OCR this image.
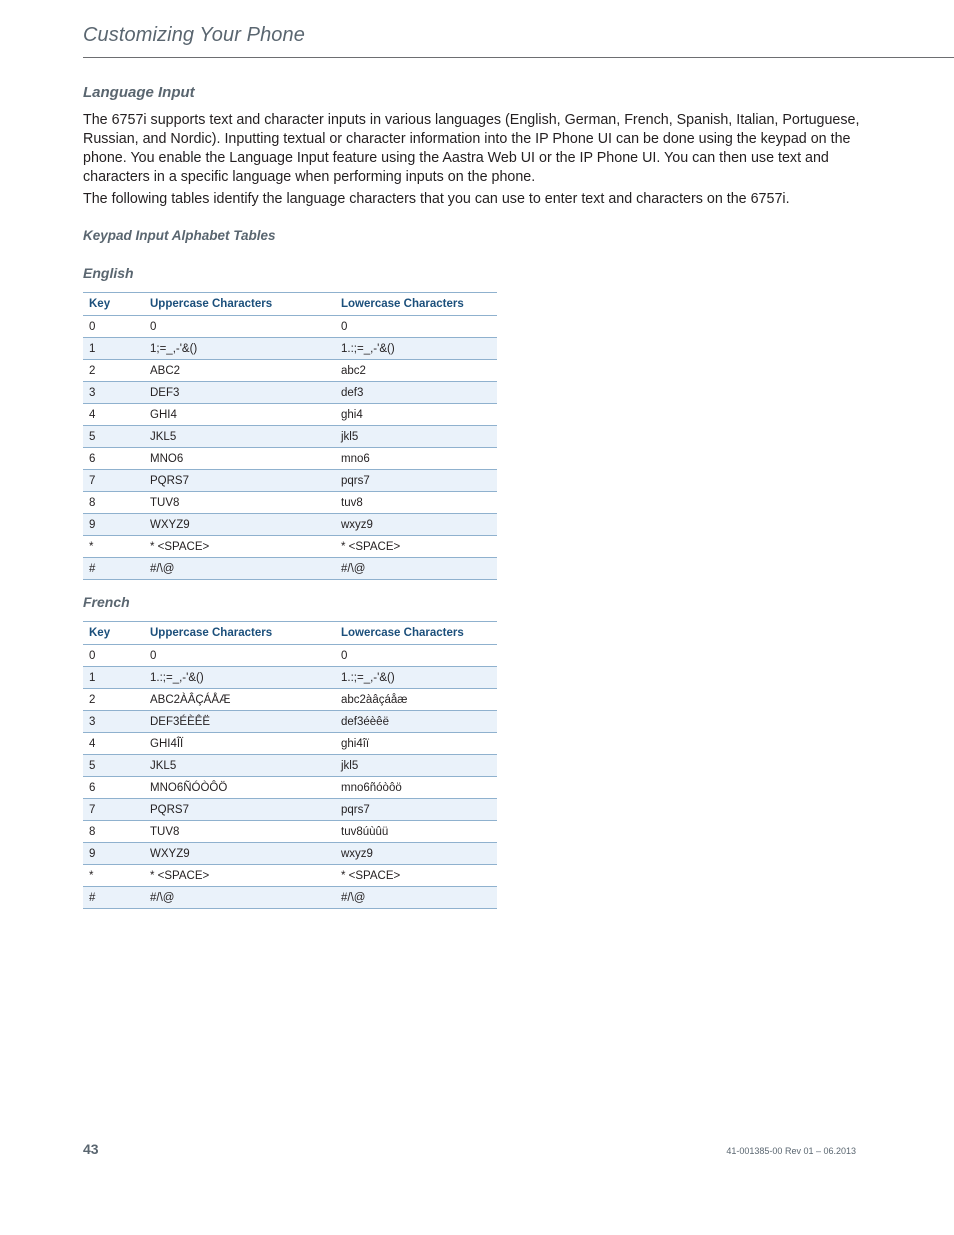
Customizing Your Phone
Language Input

The 6757i supports text and character inputs in various languages (English, German, French, Spanish, Italian, Portuguese, Russian, and Nordic). Inputting textual or character information into the IP Phone UI can be done using the keypad on the phone. You enable the Language Input feature using the Aastra Web UI or the IP Phone UI. You can then use text and characters in a specific language when performing inputs on the phone.

The following tables identify the language characters that you can use to enter text and characters on the 6757i.

Keypad Input Alphabet Tables
English
Key	Uppercase Characters	Lowercase Characters
0	0	0
1	1;=_,-'&()	1.:;=_,-'&()
2	ABC2	abc2
3	DEF3	def3
4	GHI4	ghi4
5	JKL5	jkl5
6	MNO6	mno6
7	PQRS7	pqrs7
8	TUV8	tuv8
9	WXYZ9	wxyz9
*	* <SPACE>	* <SPACE>
#	#/\@	#/\@
French
Key	Uppercase Characters	Lowercase Characters
0	0	0
1	1.:;=_,-'&()	1.:;=_,-'&()
2	ABC2ÀÂÇÁÅÆ	abc2àâçáåæ
3	DEF3ÉÈÊË	def3éèêë
4	GHI4ÎÏ	ghi4îï
5	JKL5	jkl5
6	MNO6ÑÓÒÔÖ	mno6ñóòôö
7	PQRS7	pqrs7
8	TUV8	tuv8úùûü
9	WXYZ9	wxyz9
*	* <SPACE>	* <SPACE>
#	#/\@	#/\@
43	41-001385-00 Rev 01 – 06.2013
